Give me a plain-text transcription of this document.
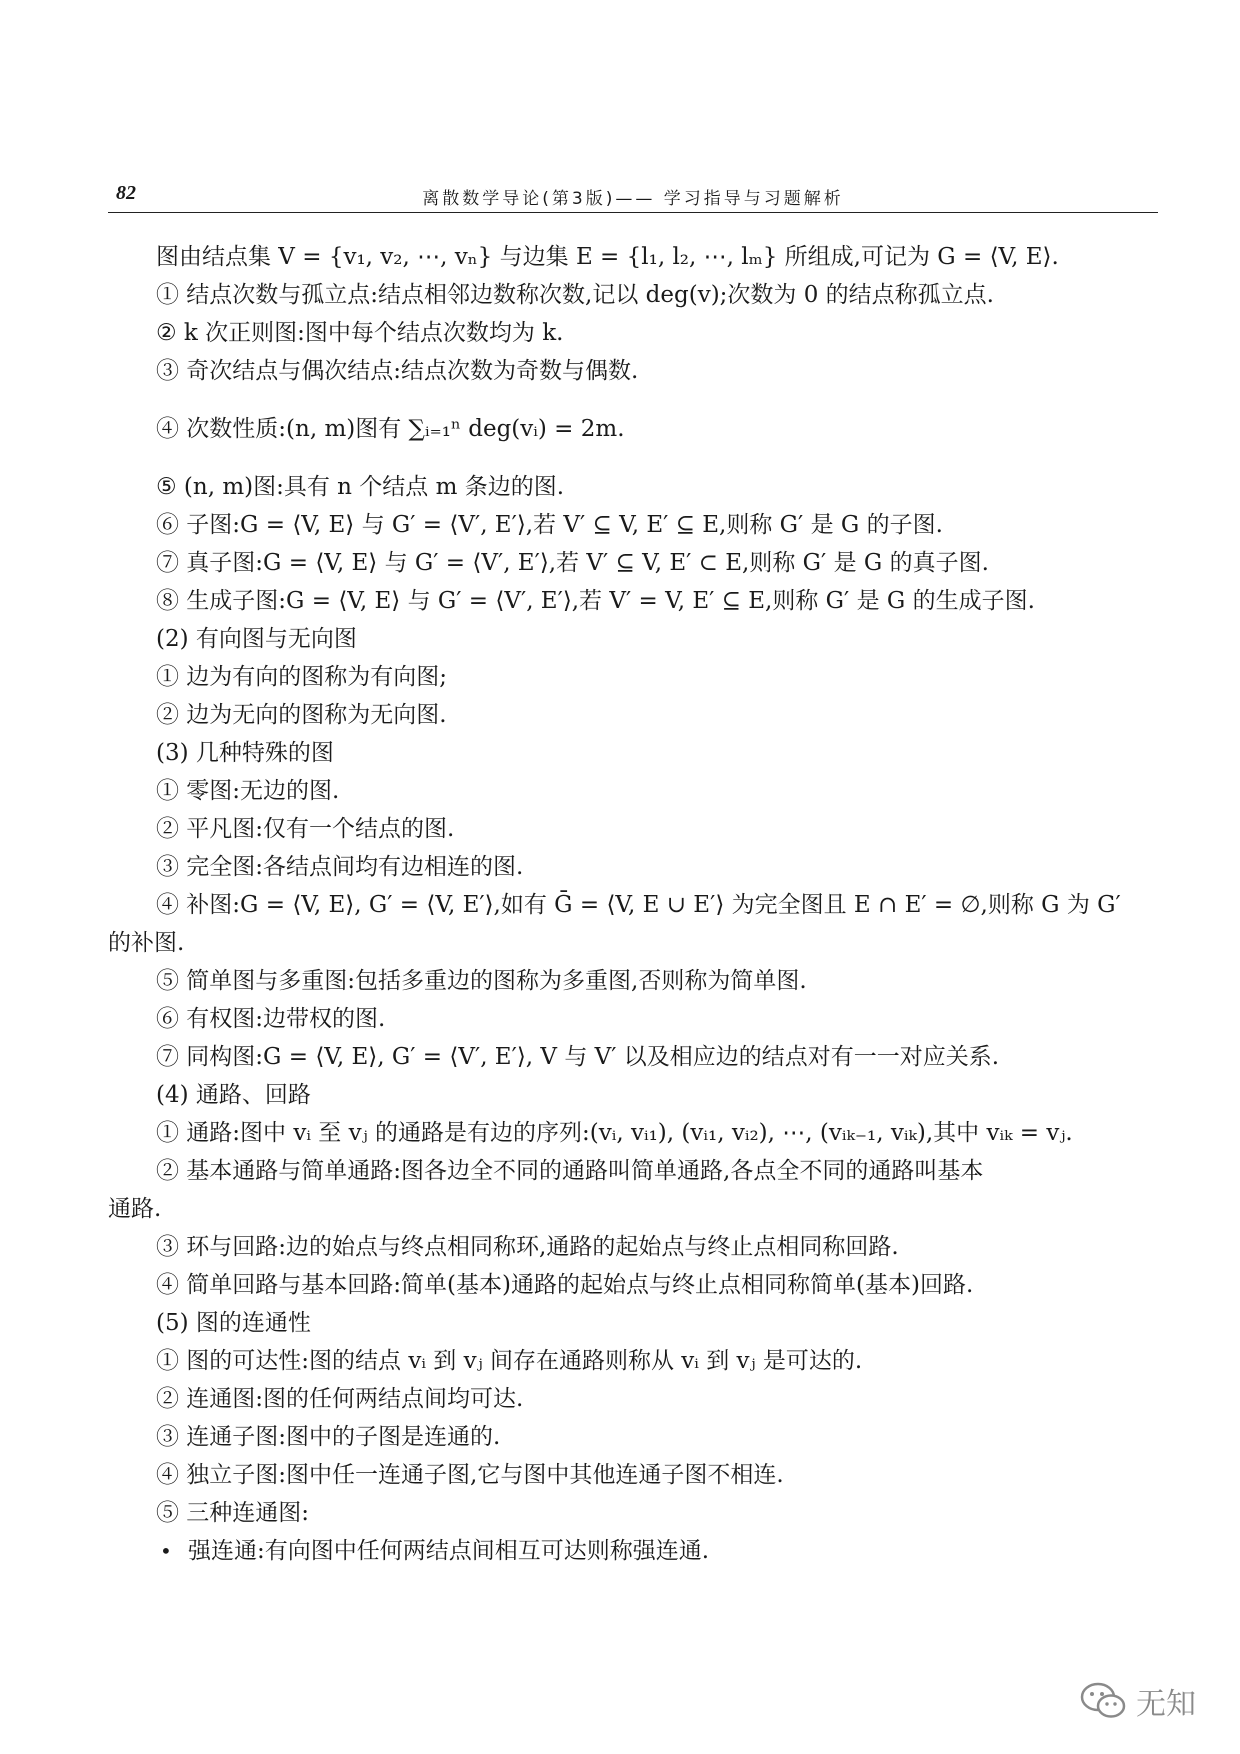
82	离散数学导论(第3版)—— 学习指导与习题解析
图由结点集 V = {v₁, v₂, ⋯, vₙ} 与边集 E = {l₁, l₂, ⋯, lₘ} 所组成,可记为 G = ⟨V, E⟩.
① 结点次数与孤立点:结点相邻边数称次数,记以 deg(v);次数为 0 的结点称孤立点.
② k 次正则图:图中每个结点次数均为 k.
③ 奇次结点与偶次结点:结点次数为奇数与偶数.
④ 次数性质:(n, m)图有 ∑ᵢ₌₁ⁿ deg(vᵢ) = 2m.
⑤ (n, m)图:具有 n 个结点 m 条边的图.
⑥ 子图:G = ⟨V, E⟩ 与 G′ = ⟨V′, E′⟩,若 V′ ⊆ V, E′ ⊆ E,则称 G′ 是 G 的子图.
⑦ 真子图:G = ⟨V, E⟩ 与 G′ = ⟨V′, E′⟩,若 V′ ⊆ V, E′ ⊂ E,则称 G′ 是 G 的真子图.
⑧ 生成子图:G = ⟨V, E⟩ 与 G′ = ⟨V′, E′⟩,若 V′ = V, E′ ⊆ E,则称 G′ 是 G 的生成子图.
(2) 有向图与无向图
① 边为有向的图称为有向图;
② 边为无向的图称为无向图.
(3) 几种特殊的图
① 零图:无边的图.
② 平凡图:仅有一个结点的图.
③ 完全图:各结点间均有边相连的图.
④ 补图:G = ⟨V, E⟩, G′ = ⟨V, E′⟩,如有 Ḡ = ⟨V, E ∪ E′⟩ 为完全图且 E ∩ E′ = ∅,则称 G 为 G′
的补图.
⑤ 简单图与多重图:包括多重边的图称为多重图,否则称为简单图.
⑥ 有权图:边带权的图.
⑦ 同构图:G = ⟨V, E⟩, G′ = ⟨V′, E′⟩, V 与 V′ 以及相应边的结点对有一一对应关系.
(4) 通路、回路
① 通路:图中 vᵢ 至 vⱼ 的通路是有边的序列:(vᵢ, vᵢ₁), (vᵢ₁, vᵢ₂), ⋯, (vᵢₖ₋₁, vᵢₖ),其中 vᵢₖ = vⱼ.
② 基本通路与简单通路:图各边全不同的通路叫简单通路,各点全不同的通路叫基本
通路.
③ 环与回路:边的始点与终点相同称环,通路的起始点与终止点相同称回路.
④ 简单回路与基本回路:简单(基本)通路的起始点与终止点相同称简单(基本)回路.
(5) 图的连通性
① 图的可达性:图的结点 vᵢ 到 vⱼ 间存在通路则称从 vᵢ 到 vⱼ 是可达的.
② 连通图:图的任何两结点间均可达.
③ 连通子图:图中的子图是连通的.
④ 独立子图:图中任一连通子图,它与图中其他连通子图不相连.
⑤ 三种连通图:
• 强连通:有向图中任何两结点间相互可达则称强连通.
无知
